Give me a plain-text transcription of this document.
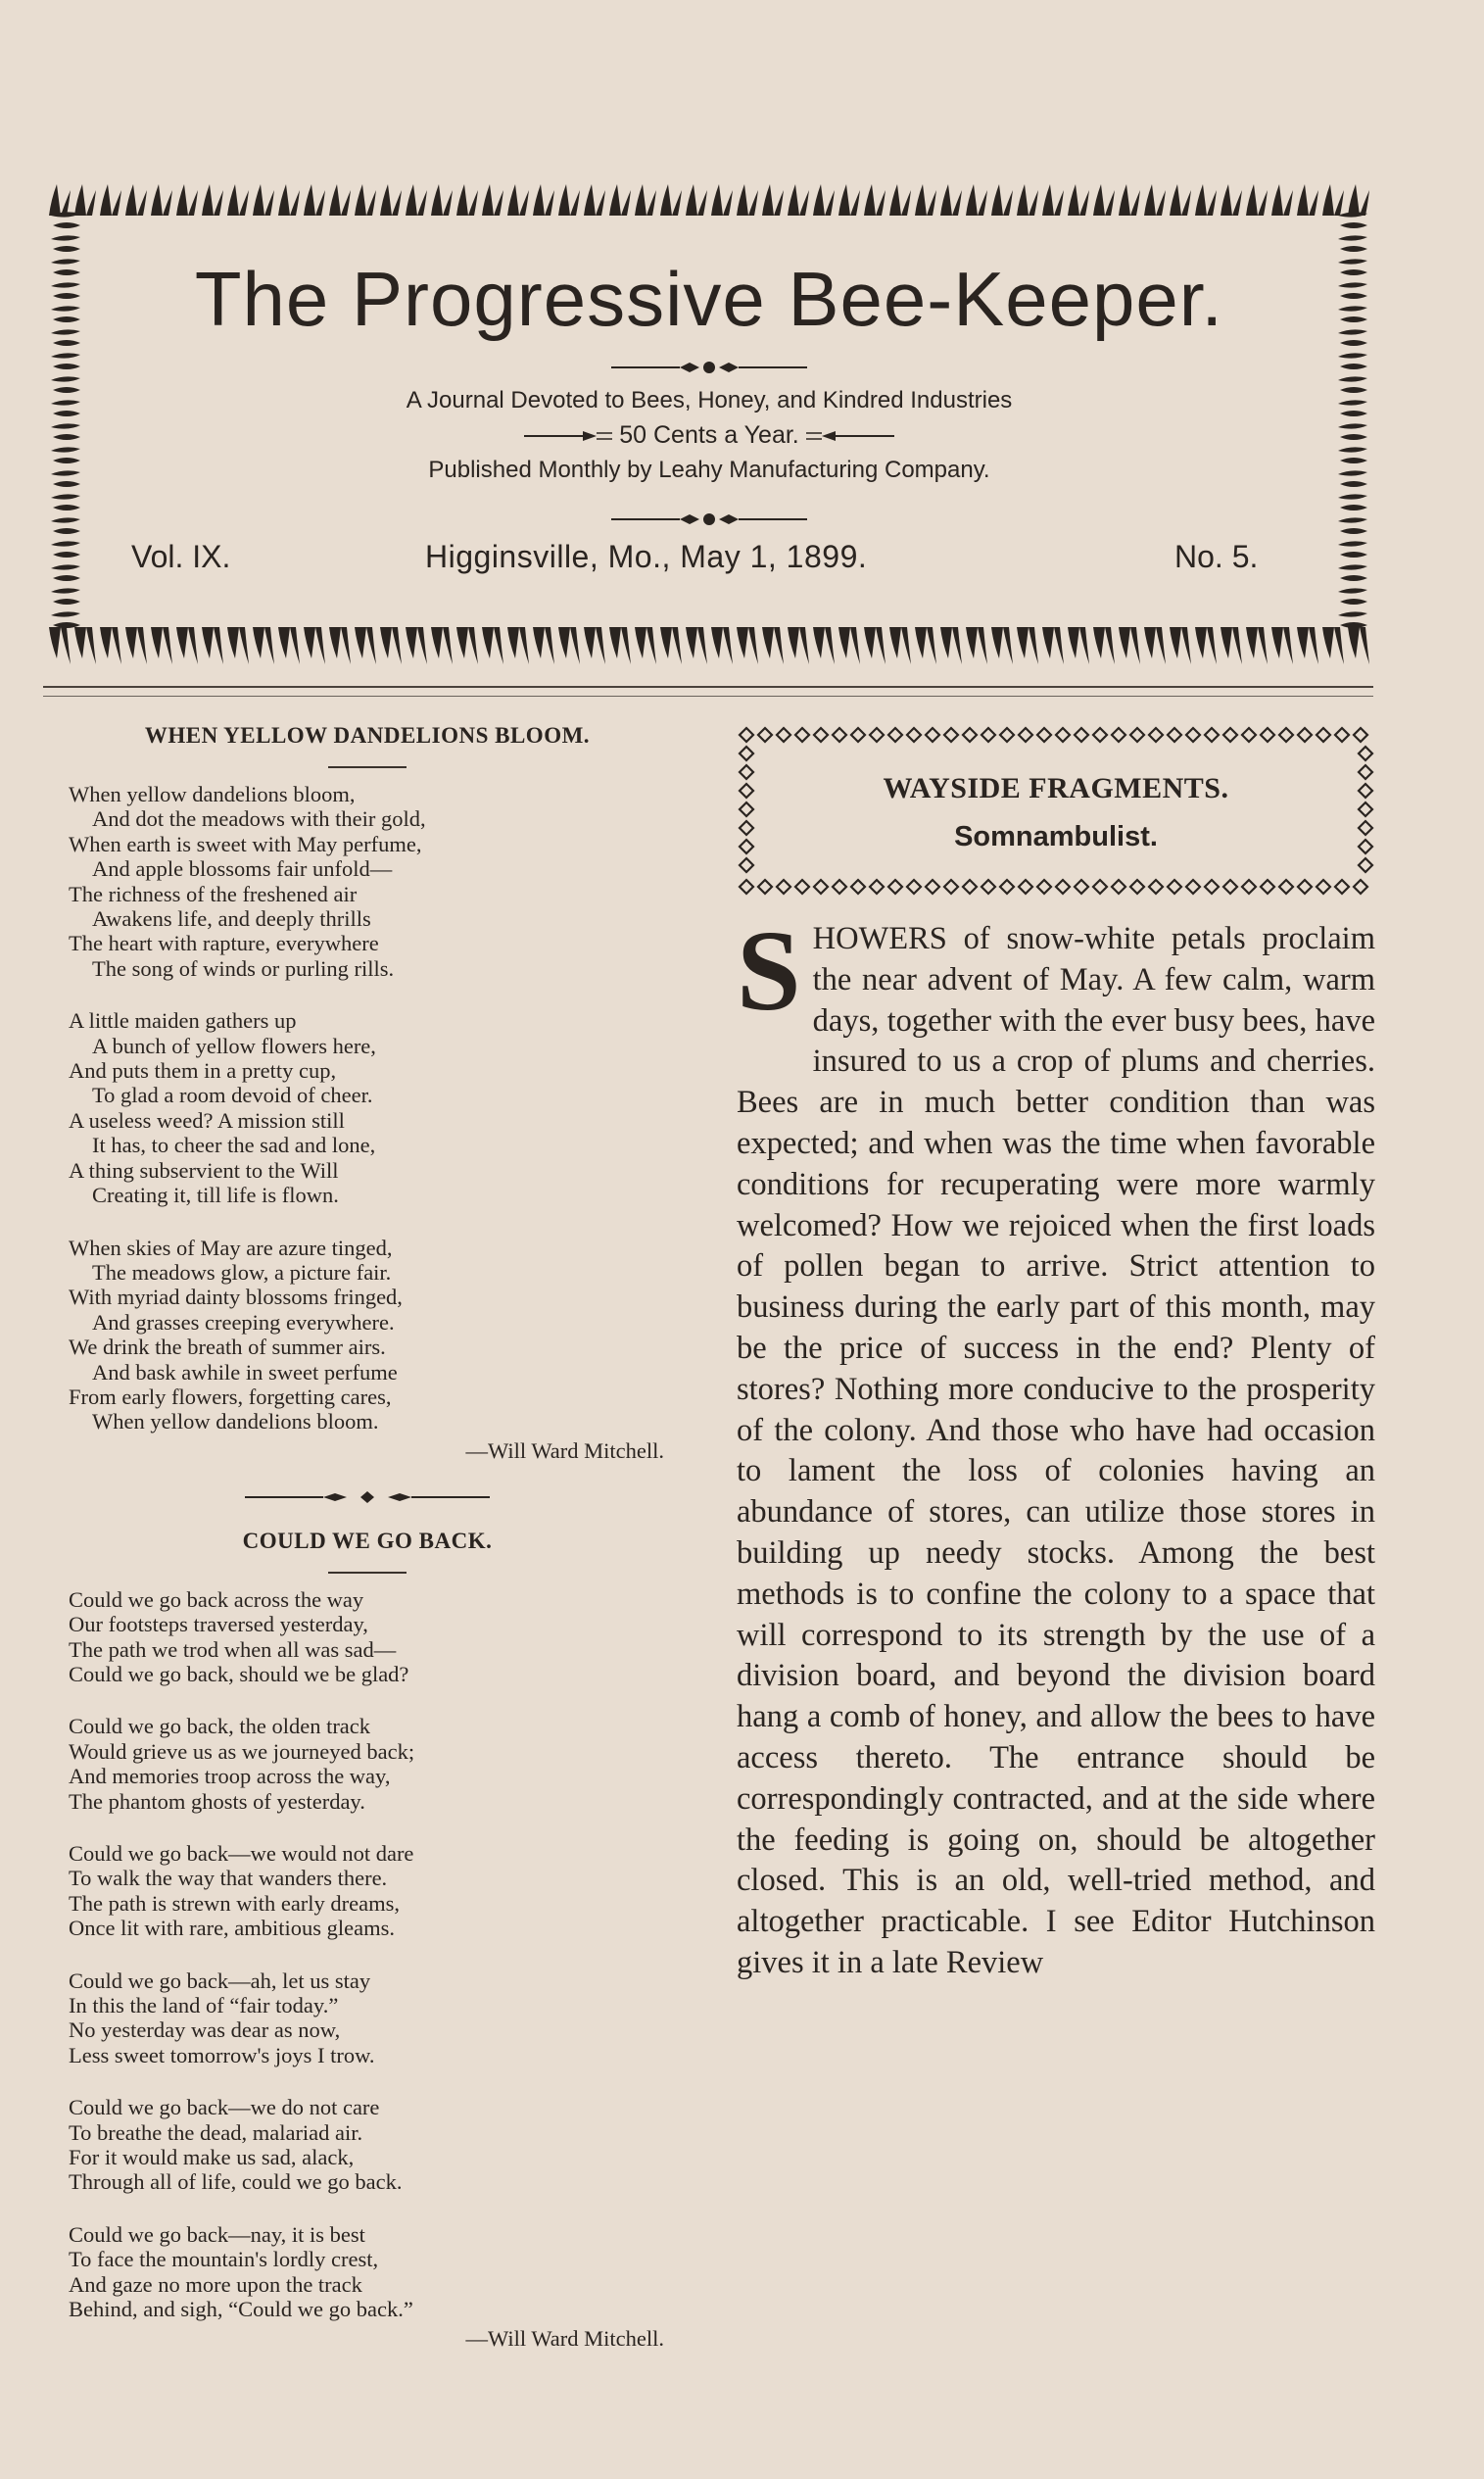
The Progressive Bee-Keeper.
A Journal Devoted to Bees, Honey, and Kindred Industries
50 Cents a Year.
Published Monthly by Leahy Manufacturing Company.
Vol. IX.	Higginsville, Mo., May 1, 1899.	No. 5.
WHEN YELLOW DANDELIONS BLOOM.
When yellow dandelions bloom,
And dot the meadows with their gold,
When earth is sweet with May perfume,
And apple blossoms fair unfold—
The richness of the freshened air
Awakens life, and deeply thrills
The heart with rapture, everywhere
The song of winds or purling rills.
A little maiden gathers up
A bunch of yellow flowers here,
And puts them in a pretty cup,
To glad a room devoid of cheer.
A useless weed? A mission still
It has, to cheer the sad and lone,
A thing subservient to the Will
Creating it, till life is flown.
When skies of May are azure tinged,
The meadows glow, a picture fair.
With myriad dainty blossoms fringed,
And grasses creeping everywhere.
We drink the breath of summer airs.
And bask awhile in sweet perfume
From early flowers, forgetting cares,
When yellow dandelions bloom.
—Will Ward Mitchell.
COULD WE GO BACK.
Could we go back across the way
Our footsteps traversed yesterday,
The path we trod when all was sad—
Could we go back, should we be glad?
Could we go back, the olden track
Would grieve us as we journeyed back;
And memories troop across the way,
The phantom ghosts of yesterday.
Could we go back—we would not dare
To walk the way that wanders there.
The path is strewn with early dreams,
Once lit with rare, ambitious gleams.
Could we go back—ah, let us stay
In this the land of “fair today.”
No yesterday was dear as now,
Less sweet tomorrow's joys I trow.
Could we go back—we do not care
To breathe the dead, malariad air.
For it would make us sad, alack,
Through all of life, could we go back.
Could we go back—nay, it is best
To face the mountain's lordly crest,
And gaze no more upon the track
Behind, and sigh, “Could we go back.”
—Will Ward Mitchell.
WAYSIDE FRAGMENTS.
Somnambulist.
S HOWERS of snow-white petals proclaim the near advent of May. A few calm, warm days, together with the ever busy bees, have insured to us a crop of plums and cherries. Bees are in much better condition than was expected; and when was the time when favorable conditions for recuperating were more warmly welcomed? How we rejoiced when the first loads of pollen began to arrive. Strict attention to business during the early part of this month, may be the price of success in the end? Plenty of stores? Nothing more conducive to the prosperity of the colony. And those who have had occasion to lament the loss of colonies having an abundance of stores, can utilize those stores in building up needy stocks. Among the best methods is to confine the colony to a space that will correspond to its strength by the use of a division board, and beyond the division board hang a comb of honey, and allow the bees to have access thereto. The entrance should be correspondingly contracted, and at the side where the feeding is going on, should be altogether closed. This is an old, well-tried method, and altogether practicable. I see Editor Hutchinson gives it in a late Review
